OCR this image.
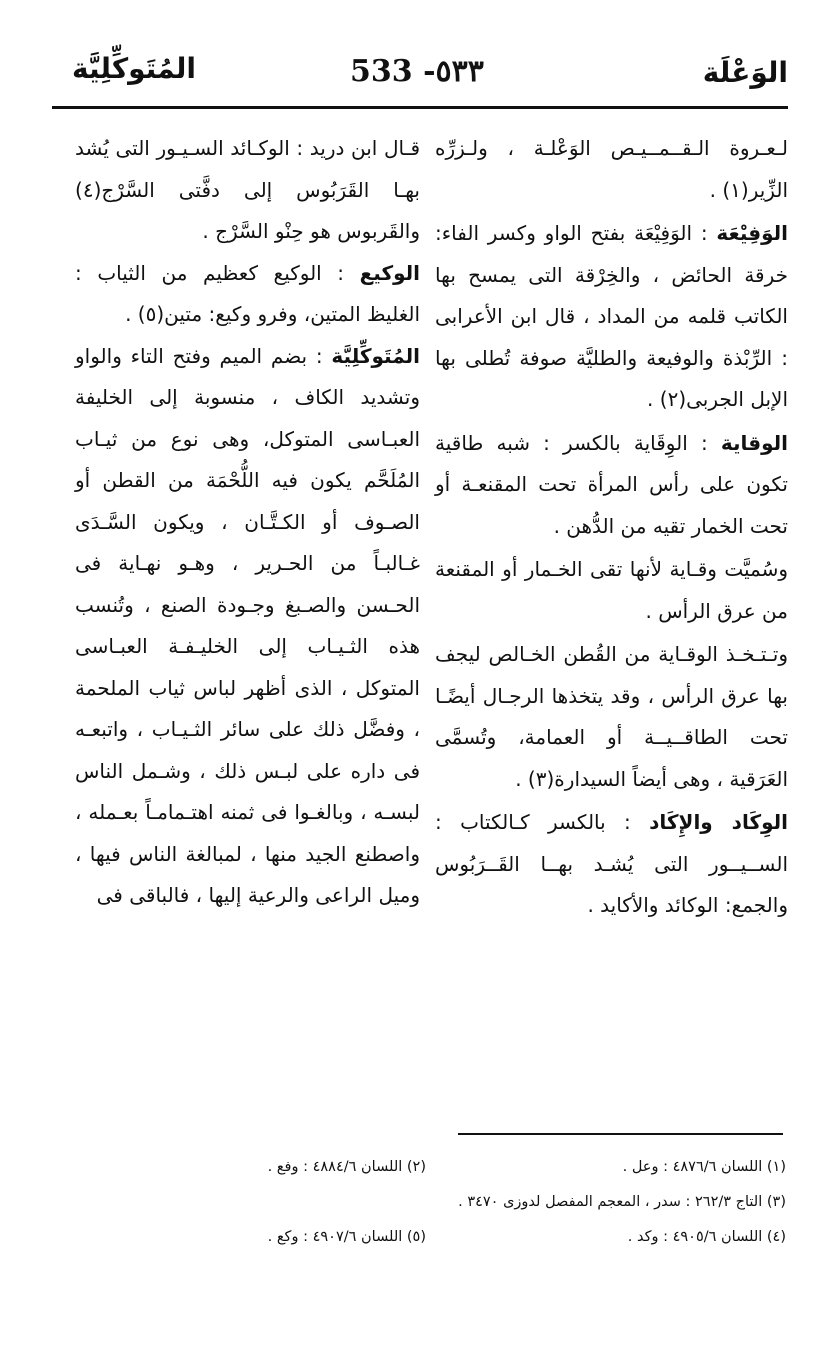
الوَعْلَة
533 -٥٣٣
المُتَوكِّلِيَّة

لـعـروة الـقــمــيـص الوَعْلـة ، ولـزرِّه الزِّير(١) .

الوَفِيْعَة : الوَفِيْعَة بفتح الواو وكسر الفاء: خرقة الحائض ، والخِرْقة التى يمسح بها الكاتب قلمه من المداد ، قال ابن الأعرابى : الرِّبْذة والوفيعة والطليَّة صوفة تُطلى بها الإبل الجربى(٢) .

الوقاية : الوِقَاية بالكسر : شبه طاقية تكون على رأس المرأة تحت المقنعـة أو تحت الخمار تقيه من الدُّهن .

وسُميَّت وقـاية لأنها تقى الخـمار أو المقنعة من عرق الرأس .

وتـتـخـذ الوقـاية من القُطن الخـالص ليجف بها عرق الرأس ، وقد يتخذها الرجـال أيضًـا تحت الطاقــيــة أو العمامة، وتُسمَّى العَرَقية ، وهى أيضاً السيدارة(٣) .

الوِكَاد والإِكَاد : بالكسر كـالكتاب : الســيــور التى يُشـد بهــا القَــرَبُوس والجمع: الوكائد والأكايد .

قـال ابن دريد : الوكـائد السـيـور التى يُشد بهـا القَرَبُوس إلى دفَّتى السَّرْج(٤) والقَربوس هو حِنْو السَّرْج .

الوكيع : الوكيع كعظيم من الثياب : الغليظ المتين، وفرو وكيع: متين(٥) .

المُتَوكِّلِيَّة : بضم الميم وفتح التاء والواو وتشديد الكاف ، منسوبة إلى الخليفة العبـاسى المتوكل، وهى نوع من ثيـاب المُلَحَّم يكون فيه اللُّحْمَة من القطن أو الصـوف أو الكـتَّـان ، ويكون السَّـدَى غـالبـاً من الحـرير ، وهـو نهـاية فى الحـسن والصـبغ وجـودة الصنع ، وتُنسب هذه الثـيـاب إلى الخليـفـة العبـاسى المتوكل ، الذى أظهر لباس ثياب الملحمة ، وفضَّل ذلك على سائر الثـيـاب ، واتبعـه فى داره على لبـس ذلك ، وشـمل الناس لبسـه ، وبالغـوا فى ثمنه اهتـمامـاً بعـمله ، واصطنع الجيد منها ، لمبالغة الناس فيها ، وميل الراعى والرعية إليها ، فالباقى فى

(١) اللسان ٤٨٧٦/٦ : وعل .
(٢) اللسان ٤٨٨٤/٦ : وفع .
(٣) التاج ٢٦٢/٣ : سدر ، المعجم المفصل لدوزى ٣٤٧٠ .
(٤) اللسان ٤٩٠٥/٦ : وكد .
(٥) اللسان ٤٩٠٧/٦ : وكع .
